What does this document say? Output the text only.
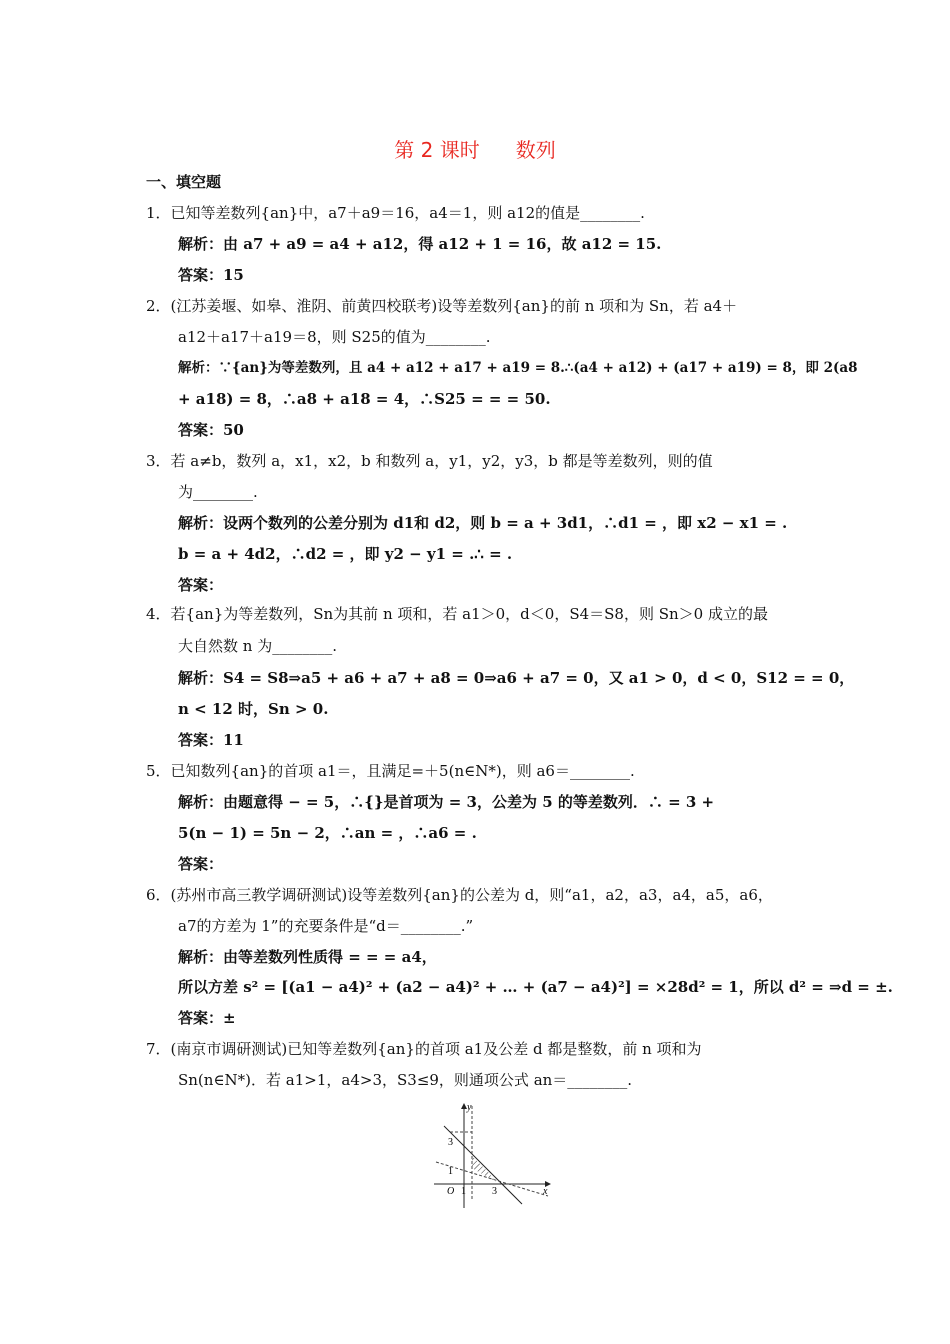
第 2 课时 数列
一、填空题
1．已知等差数列{an}中，a7＋a9＝16，a4＝1，则 a12的值是________.
解析：由 a7 + a9 = a4 + a12，得 a12 + 1 = 16，故 a12 = 15.
答案：15
2．(江苏姜堰、如皋、淮阴、前黄四校联考)设等差数列{an}的前 n 项和为 Sn，若 a4＋
a12＋a17＋a19＝8，则 S25的值为________.
解析：∵{an}为等差数列，且 a4 + a12 + a17 + a19 = 8.∴(a4 + a12) + (a17 + a19) = 8，即 2(a8
+ a18) = 8，∴a8 + a18 = 4，∴S25 = = = 50.
答案：50
3．若 a≠b，数列 a，x1，x2，b 和数列 a，y1，y2，y3，b 都是等差数列，则的值
为________.
解析：设两个数列的公差分别为 d1和 d2，则 b = a + 3d1，∴d1 = ，即 x2 − x1 = .
b = a + 4d2，∴d2 = ，即 y2 − y1 = .∴ = .
答案：
4．若{an}为等差数列，Sn为其前 n 项和，若 a1＞0，d＜0，S4＝S8，则 Sn＞0 成立的最
大自然数 n 为________.
解析：S4 = S8⇒a5 + a6 + a7 + a8 = 0⇒a6 + a7 = 0，又 a1 > 0，d < 0，S12 = = 0，
n < 12 时，Sn > 0.
答案：11
5．已知数列{an}的首项 a1＝，且满足=＋5(n∈N*)，则 a6＝________.
解析：由题意得 − = 5，∴{}是首项为 = 3，公差为 5 的等差数列．∴ = 3 +
5(n − 1) = 5n − 2，∴an = ，∴a6 = .
答案：
6．(苏州市高三教学调研测试)设等差数列{an}的公差为 d，则“a1，a2，a3，a4，a5，a6，
a7的方差为 1”的充要条件是“d＝________.”
解析：由等差数列性质得 = = = a4，
所以方差 s² = [(a1 − a4)² + (a2 − a4)² + … + (a7 − a4)²] = ×28d² = 1，所以 d² = ⇒d = ±.
答案：±
7．(南京市调研测试)已知等差数列{an}的首项 a1及公差 d 都是整数，前 n 项和为
Sn(n∈N*)．若 a1>1，a4>3，S3≤9，则通项公式 an＝________.
y
x
O
3
1
1	3
